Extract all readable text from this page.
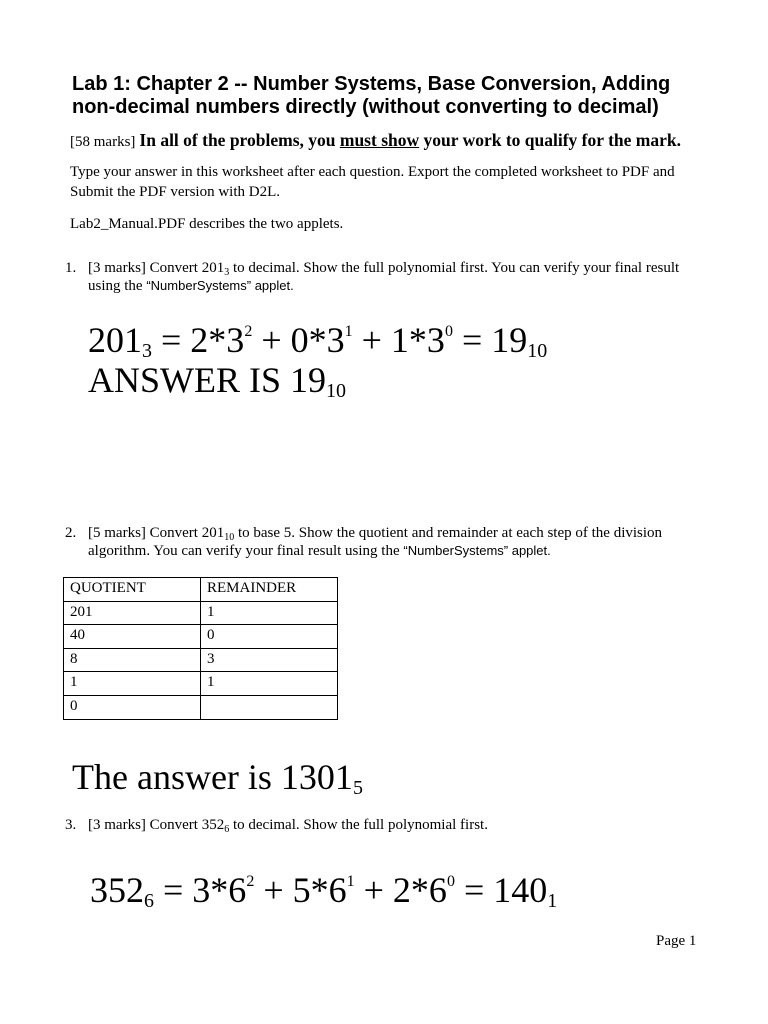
Lab 1: Chapter 2 -- Number Systems, Base Conversion, Adding non-decimal numbers directly (without converting to decimal)

[58 marks] In all of the problems, you must show your work to qualify for the mark.

Type your answer in this worksheet after each question. Export the completed worksheet to PDF and Submit the PDF version with D2L.

Lab2_Manual.PDF describes the two applets.

1. [3 marks] Convert $201_3$ to decimal. Show the full polynomial first. You can verify your final result using the “NumberSystems” applet.
$2013 = 2*3^2 + 0*3^1 + 1*3^0 = 1910$
ANSWER IS 1910
2. [5 marks] Convert $201_{10}$ to base 5. Show the quotient and remainder at each step of the division algorithm. You can verify your final result using the “NumberSystems” applet.
QUOTIENT	REMAINDER
201	1
40	0
8	3
1	1
0	
The answer is 13015
3. [3 marks] Convert $352_6$ to decimal. Show the full polynomial first.
$3526 = 3*6^2 + 5*6^1 + 2*6^0 = 1401$
Page 1
